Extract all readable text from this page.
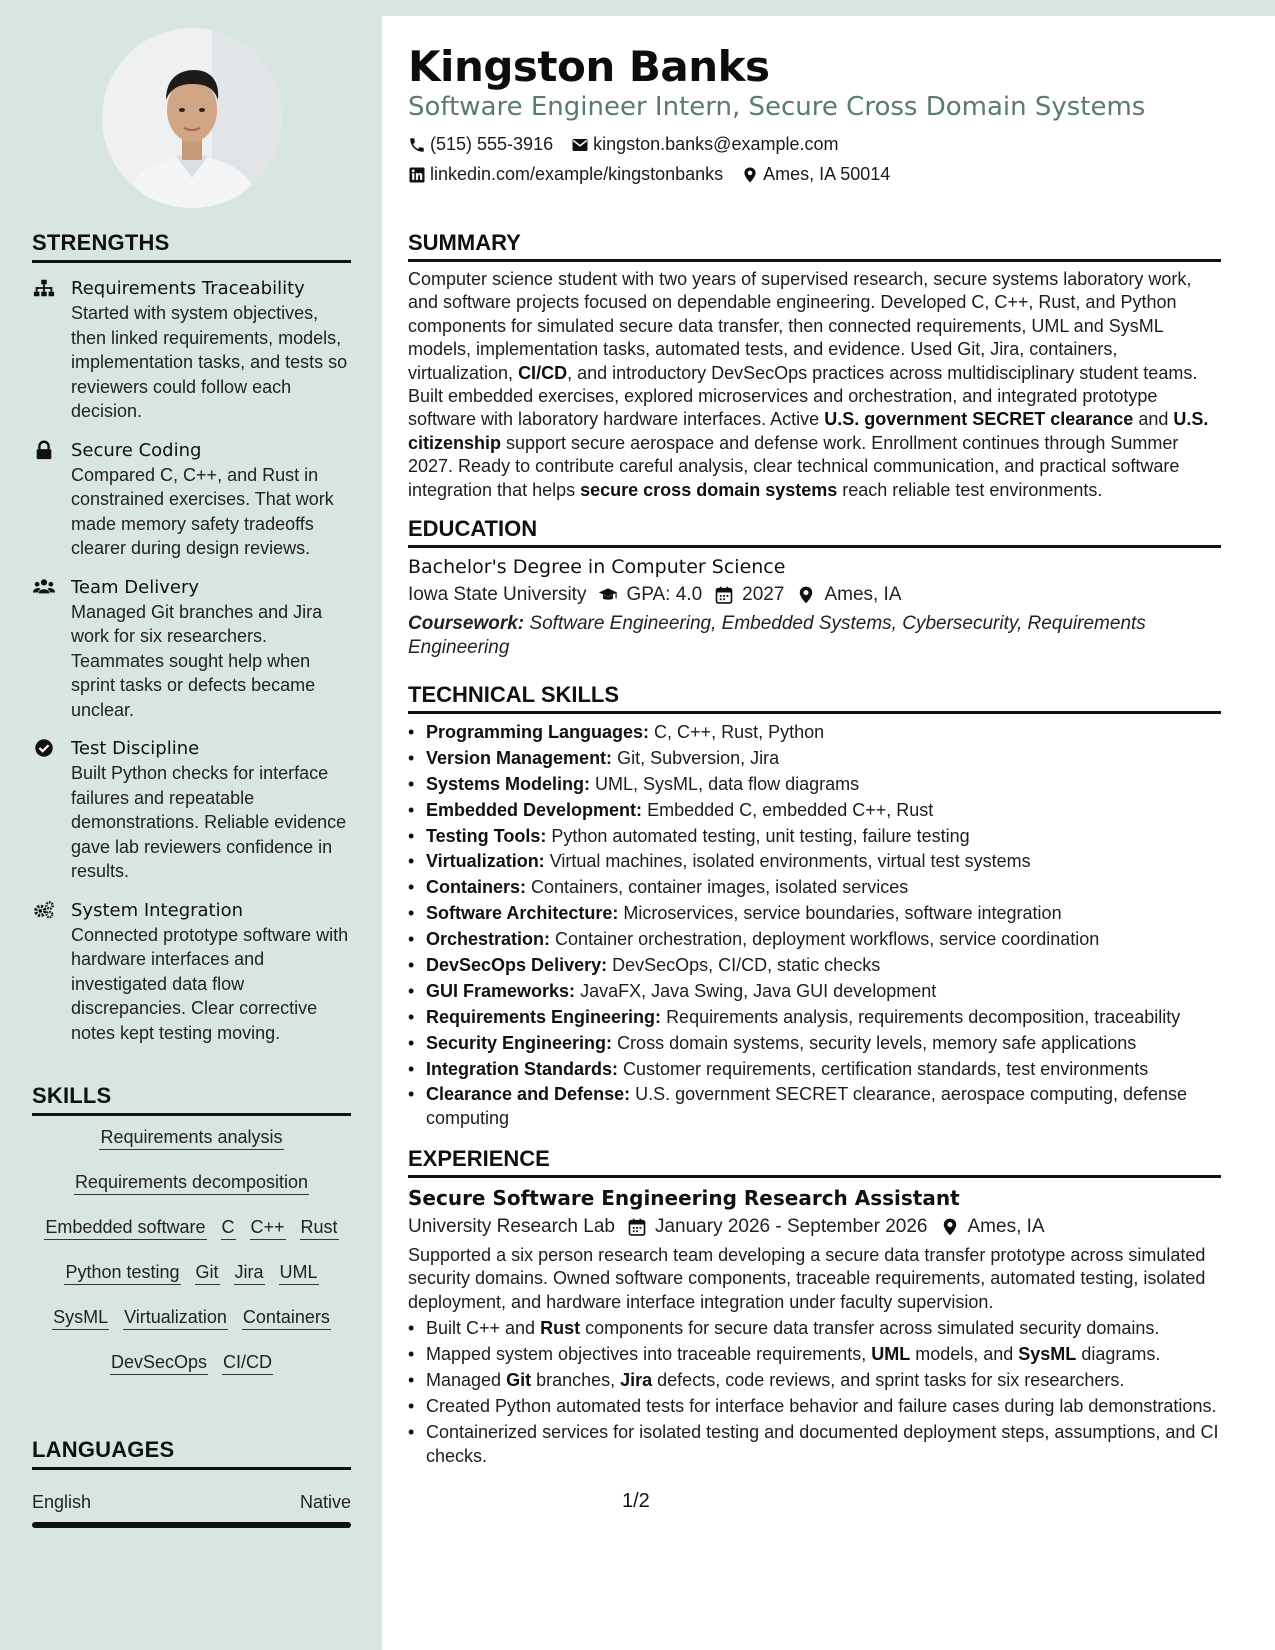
STRENGTHS
Requirements Traceability
Started with system objectives, then linked requirements, models, implementation tasks, and tests so reviewers could follow each decision.
Secure Coding
Compared C, C++, and Rust in constrained exercises. That work made memory safety tradeoffs clearer during design reviews.
Team Delivery
Managed Git branches and Jira work for six researchers. Teammates sought help when sprint tasks or defects became unclear.
Test Discipline
Built Python checks for interface failures and repeatable demonstrations. Reliable evidence gave lab reviewers confidence in results.
System Integration
Connected prototype software with hardware interfaces and investigated data flow discrepancies. Clear corrective notes kept testing moving.
SKILLS
Requirements analysis
Requirements decomposition
Embedded software C C++ Rust
Python testing Git Jira UML
SysML Virtualization Containers
DevSecOps CI/CD
LANGUAGES
English	Native
Kingston Banks
Software Engineer Intern, Secure Cross Domain Systems
(515) 555-3916 kingston.banks@example.com
linkedin.com/example/kingstonbanks Ames, IA 50014
SUMMARY

Computer science student with two years of supervised research, secure systems laboratory work, and software projects focused on dependable engineering. Developed C, C++, Rust, and Python components for simulated secure data transfer, then connected requirements, UML and SysML models, implementation tasks, automated tests, and evidence. Used Git, Jira, containers, virtualization, CI/CD, and introductory DevSecOps practices across multidisciplinary student teams. Built embedded exercises, explored microservices and orchestration, and integrated prototype software with laboratory hardware interfaces. Active U.S. government SECRET clearance and U.S. citizenship support secure aerospace and defense work. Enrollment continues through Summer 2027. Ready to contribute careful analysis, clear technical communication, and practical software integration that helps secure cross domain systems reach reliable test environments.

EDUCATION
Bachelor's Degree in Computer Science
Iowa State University GPA: 4.0 2027 Ames, IA

Coursework: Software Engineering, Embedded Systems, Cybersecurity, Requirements Engineering

TECHNICAL SKILLS
• Programming Languages: C, C++, Rust, Python
• Version Management: Git, Subversion, Jira
• Systems Modeling: UML, SysML, data flow diagrams
• Embedded Development: Embedded C, embedded C++, Rust
• Testing Tools: Python automated testing, unit testing, failure testing
• Virtualization: Virtual machines, isolated environments, virtual test systems
• Containers: Containers, container images, isolated services
• Software Architecture: Microservices, service boundaries, software integration
• Orchestration: Container orchestration, deployment workflows, service coordination
• DevSecOps Delivery: DevSecOps, CI/CD, static checks
• GUI Frameworks: JavaFX, Java Swing, Java GUI development
• Requirements Engineering: Requirements analysis, requirements decomposition, traceability
• Security Engineering: Cross domain systems, security levels, memory safe applications
• Integration Standards: Customer requirements, certification standards, test environments
• Clearance and Defense: U.S. government SECRET clearance, aerospace computing, defense computing
EXPERIENCE
Secure Software Engineering Research Assistant
University Research Lab January 2026 - September 2026 Ames, IA

Supported a six person research team developing a secure data transfer prototype across simulated security domains. Owned software components, traceable requirements, automated testing, isolated deployment, and hardware interface integration under faculty supervision.

• Built C++ and Rust components for secure data transfer across simulated security domains.
• Mapped system objectives into traceable requirements, UML models, and SysML diagrams.
• Managed Git branches, Jira defects, code reviews, and sprint tasks for six researchers.
• Created Python automated tests for interface behavior and failure cases during lab demonstrations.
• Containerized services for isolated testing and documented deployment steps, assumptions, and CI checks.
1/2
